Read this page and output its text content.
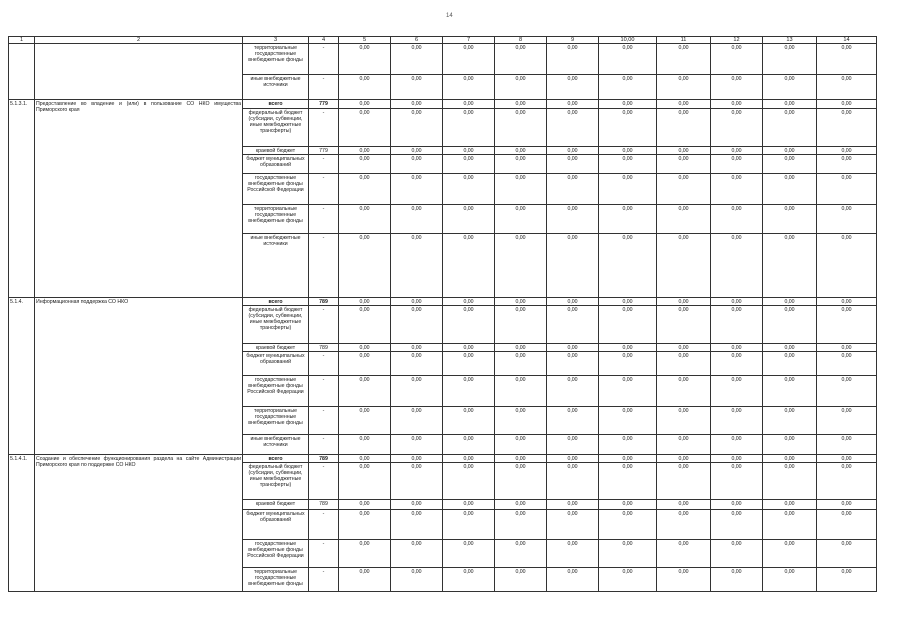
14
1	2	3	4	5	6	7	8	9	10,00	11	12	13	14
		территориальные государственные внебюджетные фонды	-	0,00	0,00	0,00	0,00	0,00	0,00	0,00	0,00	0,00	0,00
		иные внебюджетные источники	-	0,00	0,00	0,00	0,00	0,00	0,00	0,00	0,00	0,00	0,00
5.1.3.1.	Предоставление во владение и (или) в пользование СО НКО имущества Приморского края	всего	779	0,00	0,00	0,00	0,00	0,00	0,00	0,00	0,00	0,00	0,00
		федеральный бюджет (субсидии, субвенции, иные межбюджетные трансферты)	-	0,00	0,00	0,00	0,00	0,00	0,00	0,00	0,00	0,00	0,00
		краевой бюджет	779	0,00	0,00	0,00	0,00	0,00	0,00	0,00	0,00	0,00	0,00
		бюджет муниципальных образований	-	0,00	0,00	0,00	0,00	0,00	0,00	0,00	0,00	0,00	0,00
		государственные внебюджетные фонды Российской Федерации	-	0,00	0,00	0,00	0,00	0,00	0,00	0,00	0,00	0,00	0,00
		территориальные государственные внебюджетные фонды	-	0,00	0,00	0,00	0,00	0,00	0,00	0,00	0,00	0,00	0,00
		иные внебюджетные источники	-	0,00	0,00	0,00	0,00	0,00	0,00	0,00	0,00	0,00	0,00
5.1.4.	Информационная поддержка СО НКО	всего	789	0,00	0,00	0,00	0,00	0,00	0,00	0,00	0,00	0,00	0,00
		федеральный бюджет (субсидии, субвенции, иные межбюджетные трансферты)	-	0,00	0,00	0,00	0,00	0,00	0,00	0,00	0,00	0,00	0,00
		краевой бюджет	789	0,00	0,00	0,00	0,00	0,00	0,00	0,00	0,00	0,00	0,00
		бюджет муниципальных образований	-	0,00	0,00	0,00	0,00	0,00	0,00	0,00	0,00	0,00	0,00
		государственные внебюджетные фонды Российской Федерации	-	0,00	0,00	0,00	0,00	0,00	0,00	0,00	0,00	0,00	0,00
		территориальные государственные внебюджетные фонды	-	0,00	0,00	0,00	0,00	0,00	0,00	0,00	0,00	0,00	0,00
		иные внебюджетные источники	-	0,00	0,00	0,00	0,00	0,00	0,00	0,00	0,00	0,00	0,00
5.1.4.1.	Создание и обеспечение функционирования раздела на сайте Администрации Приморского края по поддержке СО НКО	всего	789	0,00	0,00	0,00	0,00	0,00	0,00	0,00	0,00	0,00	0,00
		федеральный бюджет (субсидии, субвенции, иные межбюджетные трансферты)	-	0,00	0,00	0,00	0,00	0,00	0,00	0,00	0,00	0,00	0,00
		краевой бюджет	789	0,00	0,00	0,00	0,00	0,00	0,00	0,00	0,00	0,00	0,00
		бюджет муниципальных образований	-	0,00	0,00	0,00	0,00	0,00	0,00	0,00	0,00	0,00	0,00
		государственные внебюджетные фонды Российской Федерации	-	0,00	0,00	0,00	0,00	0,00	0,00	0,00	0,00	0,00	0,00
		территориальные государственные внебюджетные фонды	-	0,00	0,00	0,00	0,00	0,00	0,00	0,00	0,00	0,00	0,00
